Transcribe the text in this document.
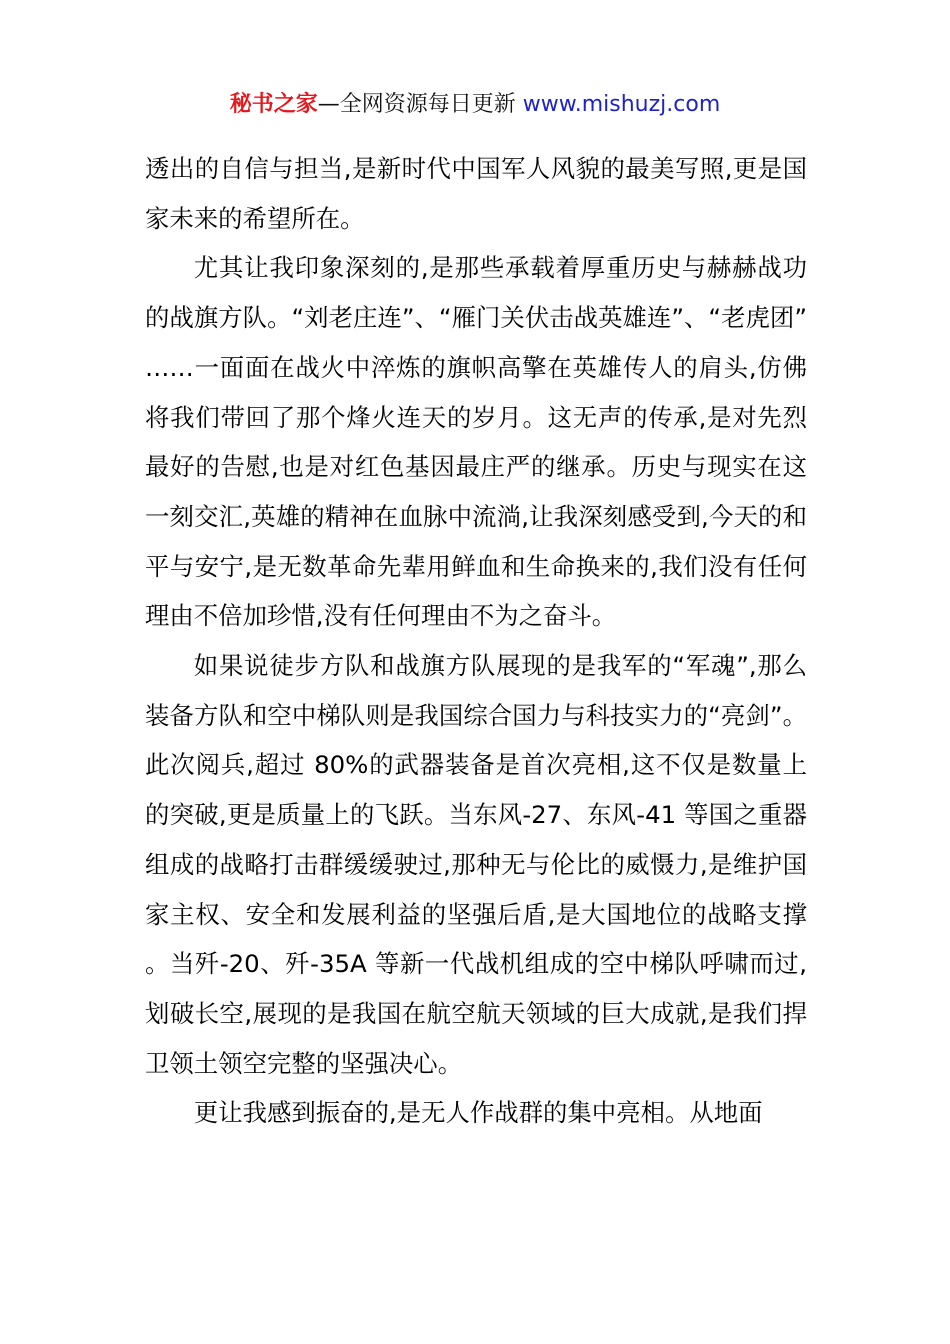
秘书之家—全网资源每日更新 www.mishuzj.com

透出的自信与担当,是新时代中国军人风貌的最美写照,更是国家未来的希望所在。

尤其让我印象深刻的,是那些承载着厚重历史与赫赫战功的战旗方队。“刘老庄连”、“雁门关伏击战英雄连”、“老虎团”……一面面在战火中淬炼的旗帜高擎在英雄传人的肩头,仿佛将我们带回了那个烽火连天的岁月。这无声的传承,是对先烈最好的告慰,也是对红色基因最庄严的继承。历史与现实在这一刻交汇,英雄的精神在血脉中流淌,让我深刻感受到,今天的和平与安宁,是无数革命先辈用鲜血和生命换来的,我们没有任何理由不倍加珍惜,没有任何理由不为之奋斗。

如果说徒步方队和战旗方队展现的是我军的“军魂”,那么装备方队和空中梯队则是我国综合国力与科技实力的“亮剑”。此次阅兵,超过 80%的武器装备是首次亮相,这不仅是数量上的突破,更是质量上的飞跃。当东风-27、东风-41 等国之重器组成的战略打击群缓缓驶过,那种无与伦比的威慑力,是维护国家主权、安全和发展利益的坚强后盾,是大国地位的战略支撑。当歼-20、歼-35A 等新一代战机组成的空中梯队呼啸而过,划破长空,展现的是我国在航空航天领域的巨大成就,是我们捍卫领土领空完整的坚强决心。

更让我感到振奋的,是无人作战群的集中亮相。从地面
